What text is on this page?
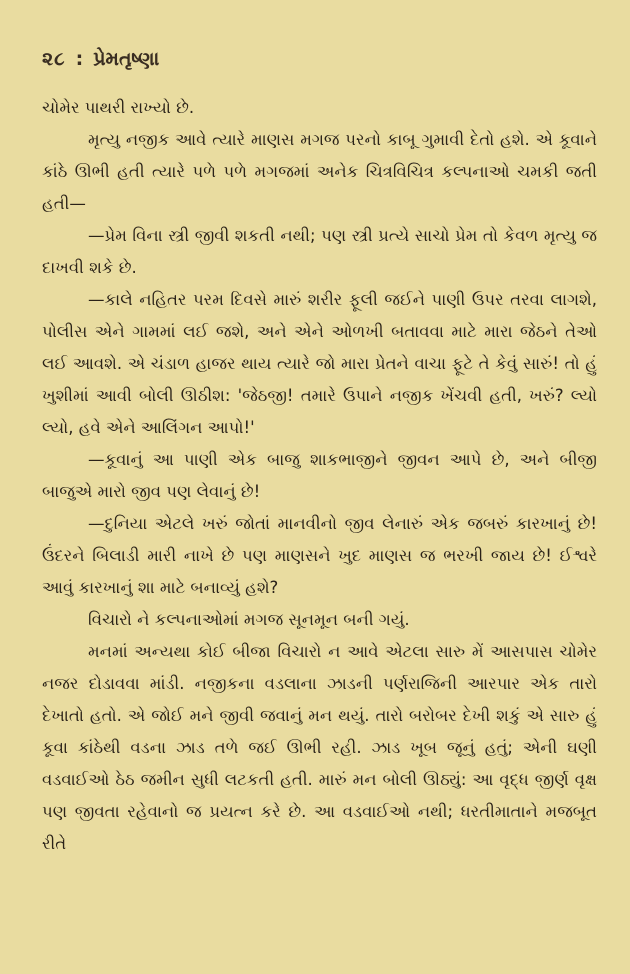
૨૮ : પ્રેમતૃષ્ણા

ચોમેર પાથરી રાખ્યો છે.

મૃત્યુ નજીક આવે ત્યારે માણસ મગજ પરનો કાબૂ ગુમાવી દેતો હશે. એ કૂવાને કાંઠે ઊભી હતી ત્યારે પળે પળે મગજમાં અનેક ચિત્રવિચિત્ર કલ્પનાઓ ચમકી જતી હતી—

—પ્રેમ વિના સ્ત્રી જીવી શકતી નથી; પણ સ્ત્રી પ્રત્યે સાચો પ્રેમ તો કેવળ મૃત્યુ જ દાખવી શકે છે.

—કાલે નહિતર પરમ દિવસે મારું શરીર ફૂલી જઈને પાણી ઉપર તરવા લાગશે, પોલીસ એને ગામમાં લઈ જશે, અને એને ઓળખી બતાવવા માટે મારા જેઠને તેઓ લઈ આવશે. એ ચંડાળ હાજર થાય ત્યારે જો મારા પ્રેતને વાચા ફૂટે તે કેવું સારું! તો હું ખુશીમાં આવી બોલી ઊઠીશ: 'જેઠજી! તમારે ઉપાને નજીક ખેંચવી હતી, ખરું? લ્યો લ્યો, હવે એને આલિંગન આપો!'

—કૂવાનું આ પાણી એક બાજુ શાકભાજીને જીવન આપે છે, અને બીજી બાજુએ મારો જીવ પણ લેવાનું છે!

—દુનિયા એટલે ખરું જોતાં માનવીનો જીવ લેનારું એક જબરું કારખાનું છે! ઉંદરને બિલાડી મારી નાખે છે પણ માણસને ખુદ માણસ જ ભરખી જાય છે! ઈશ્વરે આવું કારખાનું શા માટે બનાવ્યું હશે?

વિચારો ને કલ્પનાઓમાં મગજ સૂનમૂન બની ગયું.

મનમાં અન્યથા કોઈ બીજા વિચારો ન આવે એટલા સારુ મેં આસપાસ ચોમેર નજર દોડાવવા માંડી. નજીકના વડલાના ઝાડની પર્ણરાજિની આરપાર એક તારો દેખાતો હતો. એ જોઈ મને જીવી જવાનું મન થયું. તારો બરોબર દેખી શકું એ સારુ હું કૂવા કાંઠેથી વડના ઝાડ તળે જઈ ઊભી રહી. ઝાડ ખૂબ જૂનું હતું; એની ઘણી વડવાઈઓ ઠેઠ જમીન સુધી લટકતી હતી. મારું મન બોલી ઊઠ્યું: આ વૃદ્ધ જીર્ણ વૃક્ષ પણ જીવતા રહેવાનો જ પ્રયત્ન કરે છે. આ વડવાઈઓ નથી; ધરતીમાતાને મજબૂત રીતે
